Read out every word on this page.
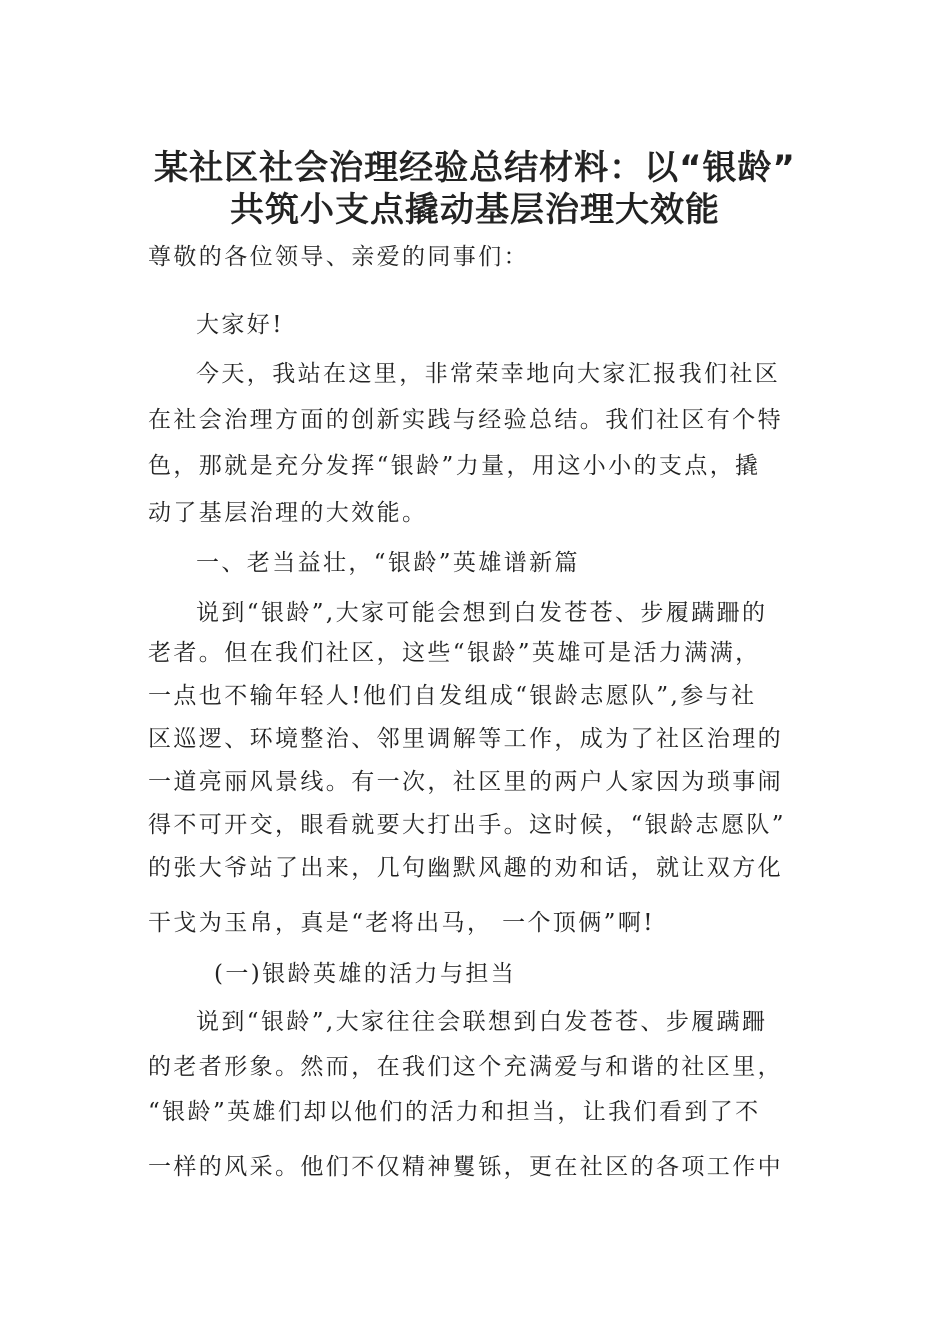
某社区社会治理经验总结材料：以“银龄”
共筑小支点撬动基层治理大效能

尊敬的各位领导、亲爱的同事们：

大家好!

今天，我站在这里，非常荣幸地向大家汇报我们社区

在社会治理方面的创新实践与经验总结。我们社区有个特

色，那就是充分发挥“银龄”力量，用这小小的支点，撬

动了基层治理的大效能。

一、老当益壮，“银龄”英雄谱新篇

说到“银龄”,大家可能会想到白发苍苍、步履蹒跚的

老者。但在我们社区，这些“银龄”英雄可是活力满满，

一点也不输年轻人!他们自发组成“银龄志愿队”,参与社

区巡逻、环境整治、邻里调解等工作，成为了社区治理的

一道亮丽风景线。有一次，社区里的两户人家因为琐事闹

得不可开交，眼看就要大打出手。这时候，“银龄志愿队”

的张大爷站了出来，几句幽默风趣的劝和话，就让双方化

干戈为玉帛，真是“老将出马， 一个顶俩”啊!

(一)银龄英雄的活力与担当

说到“银龄”,大家往往会联想到白发苍苍、步履蹒跚

的老者形象。然而，在我们这个充满爱与和谐的社区里，

“银龄”英雄们却以他们的活力和担当，让我们看到了不

一样的风采。他们不仅精神矍铄，更在社区的各项工作中
